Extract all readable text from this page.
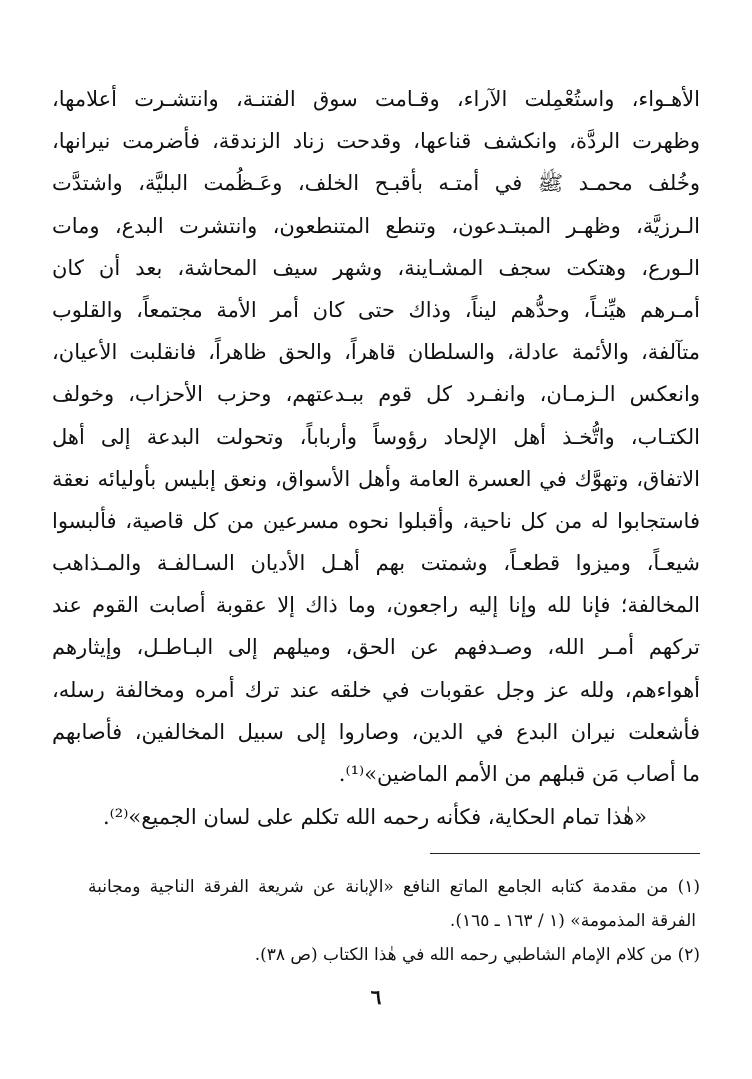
الأهـواء، واستُعْمِلت الآراء، وقـامت سوق الفتنـة، وانتشـرت أعلامها،
وظهرت الردَّة، وانكشف قناعها، وقدحت زناد الزندقة، فأضرمت نيرانها،
وخُلف محمـد ﷺ في أمتـه بأقبـح الخلف، وعَـظُمت البليَّة، واشتدَّت
الـرزيَّة، وظهـر المبتـدعون، وتنطع المتنطعون، وانتشرت البدع، ومات
الـورع، وهتكت سجف المشـاينة، وشهر سيف المحاشة، بعد أن كان
أمـرهم هيِّنـاً، وحدُّهم ليناً، وذاك حتى كان أمر الأمة مجتمعاً، والقلوب
متآلفة، والأئمة عادلة، والسلطان قاهراً، والحق ظاهراً، فانقلبت الأعيان،
وانعكس الـزمـان، وانفـرد كل قوم ببـدعتهم، وحزب الأحزاب، وخولف
الكتـاب، واتُّخـذ أهل الإلحاد رؤوساً وأرباباً، وتحولت البدعة إلى أهل
الاتفاق، وتهوَّك في العسرة العامة وأهل الأسواق، ونعق إبليس بأوليائه نعقة
فاستجابوا له من كل ناحية، وأقبلوا نحوه مسرعين من كل قاصية، فألبسوا
شيعـاً، وميزوا قطعـاً، وشمتت بهم أهـل الأديان السـالفـة والمـذاهب
المخالفة؛ فإنا لله وإنا إليه راجعون، وما ذاك إلا عقوبة أصابت القوم عند
تركهم أمـر الله، وصـدفهم عن الحق، وميلهم إلى البـاطـل، وإيثارهم
أهواءهم، ولله عز وجل عقوبات في خلقه عند ترك أمره ومخالفة رسله،
فأشعلت نيران البدع في الدين، وصاروا إلى سبيل المخالفين، فأصابهم
ما أصاب مَن قبلهم من الأمم الماضين»⁽¹⁾.
«هٰذا تمام الحكاية، فكأنه رحمه الله تكلم على لسان الجميع»⁽²⁾.
(١) من مقدمة كتابه الجامع الماتع النافع «الإبانة عن شريعة الفرقة الناجية ومجانبة
الفرقة المذمومة» (١ / ١٦٣ ـ ١٦٥).
(٢) من كلام الإمام الشاطبي رحمه الله في هٰذا الكتاب (ص ٣٨).
٦
